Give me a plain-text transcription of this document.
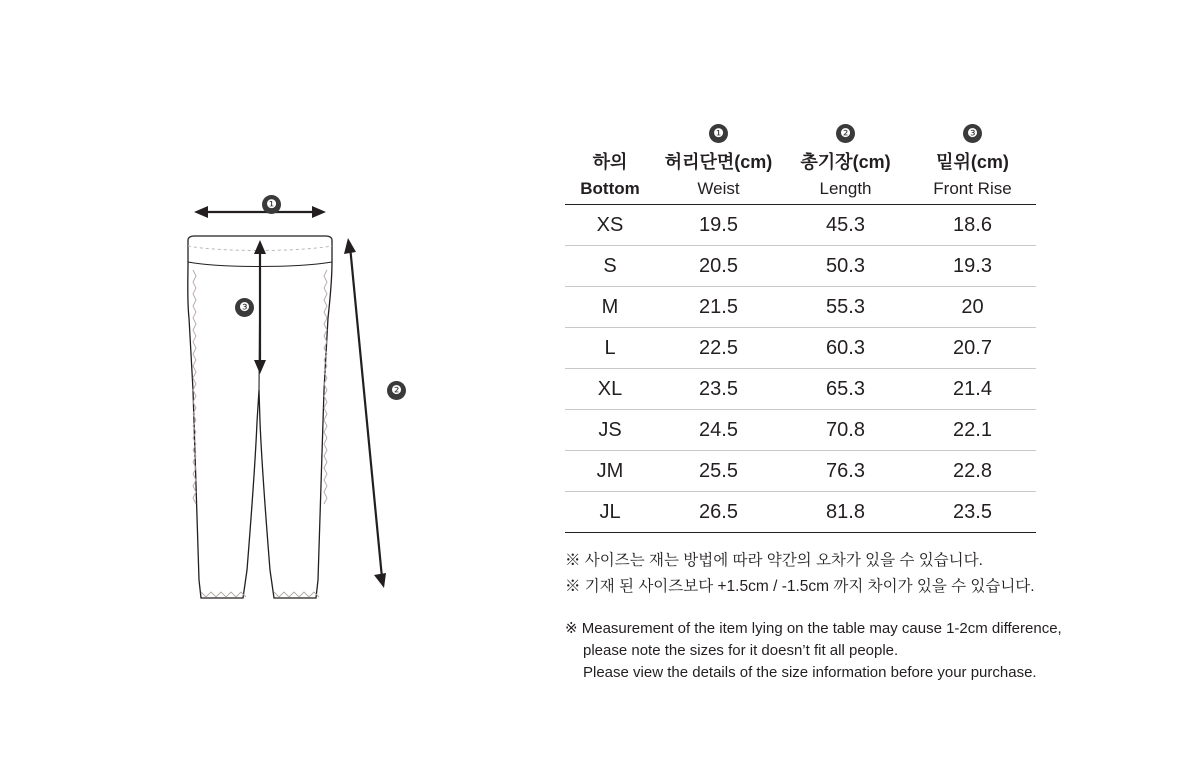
❶
❷
❸
	❶	❷	❸
하의	허리단면(cm)	총기장(cm)	밑위(cm)
Bottom	Weist	Length	Front Rise
XS	19.5	45.3	18.6
S	20.5	50.3	19.3
M	21.5	55.3	20
L	22.5	60.3	20.7
XL	23.5	65.3	21.4
JS	24.5	70.8	22.1
JM	25.5	76.3	22.8
JL	26.5	81.8	23.5
※ 사이즈는 재는 방법에 따라 약간의 오차가 있을 수 있습니다.
※ 기재 된 사이즈보다 +1.5cm / -1.5cm 까지 차이가 있을 수 있습니다.
※ Measurement of the item lying on the table may cause 1-2cm difference,
please note the sizes for it doesn’t fit all people.
Please view the details of the size information before your purchase.
